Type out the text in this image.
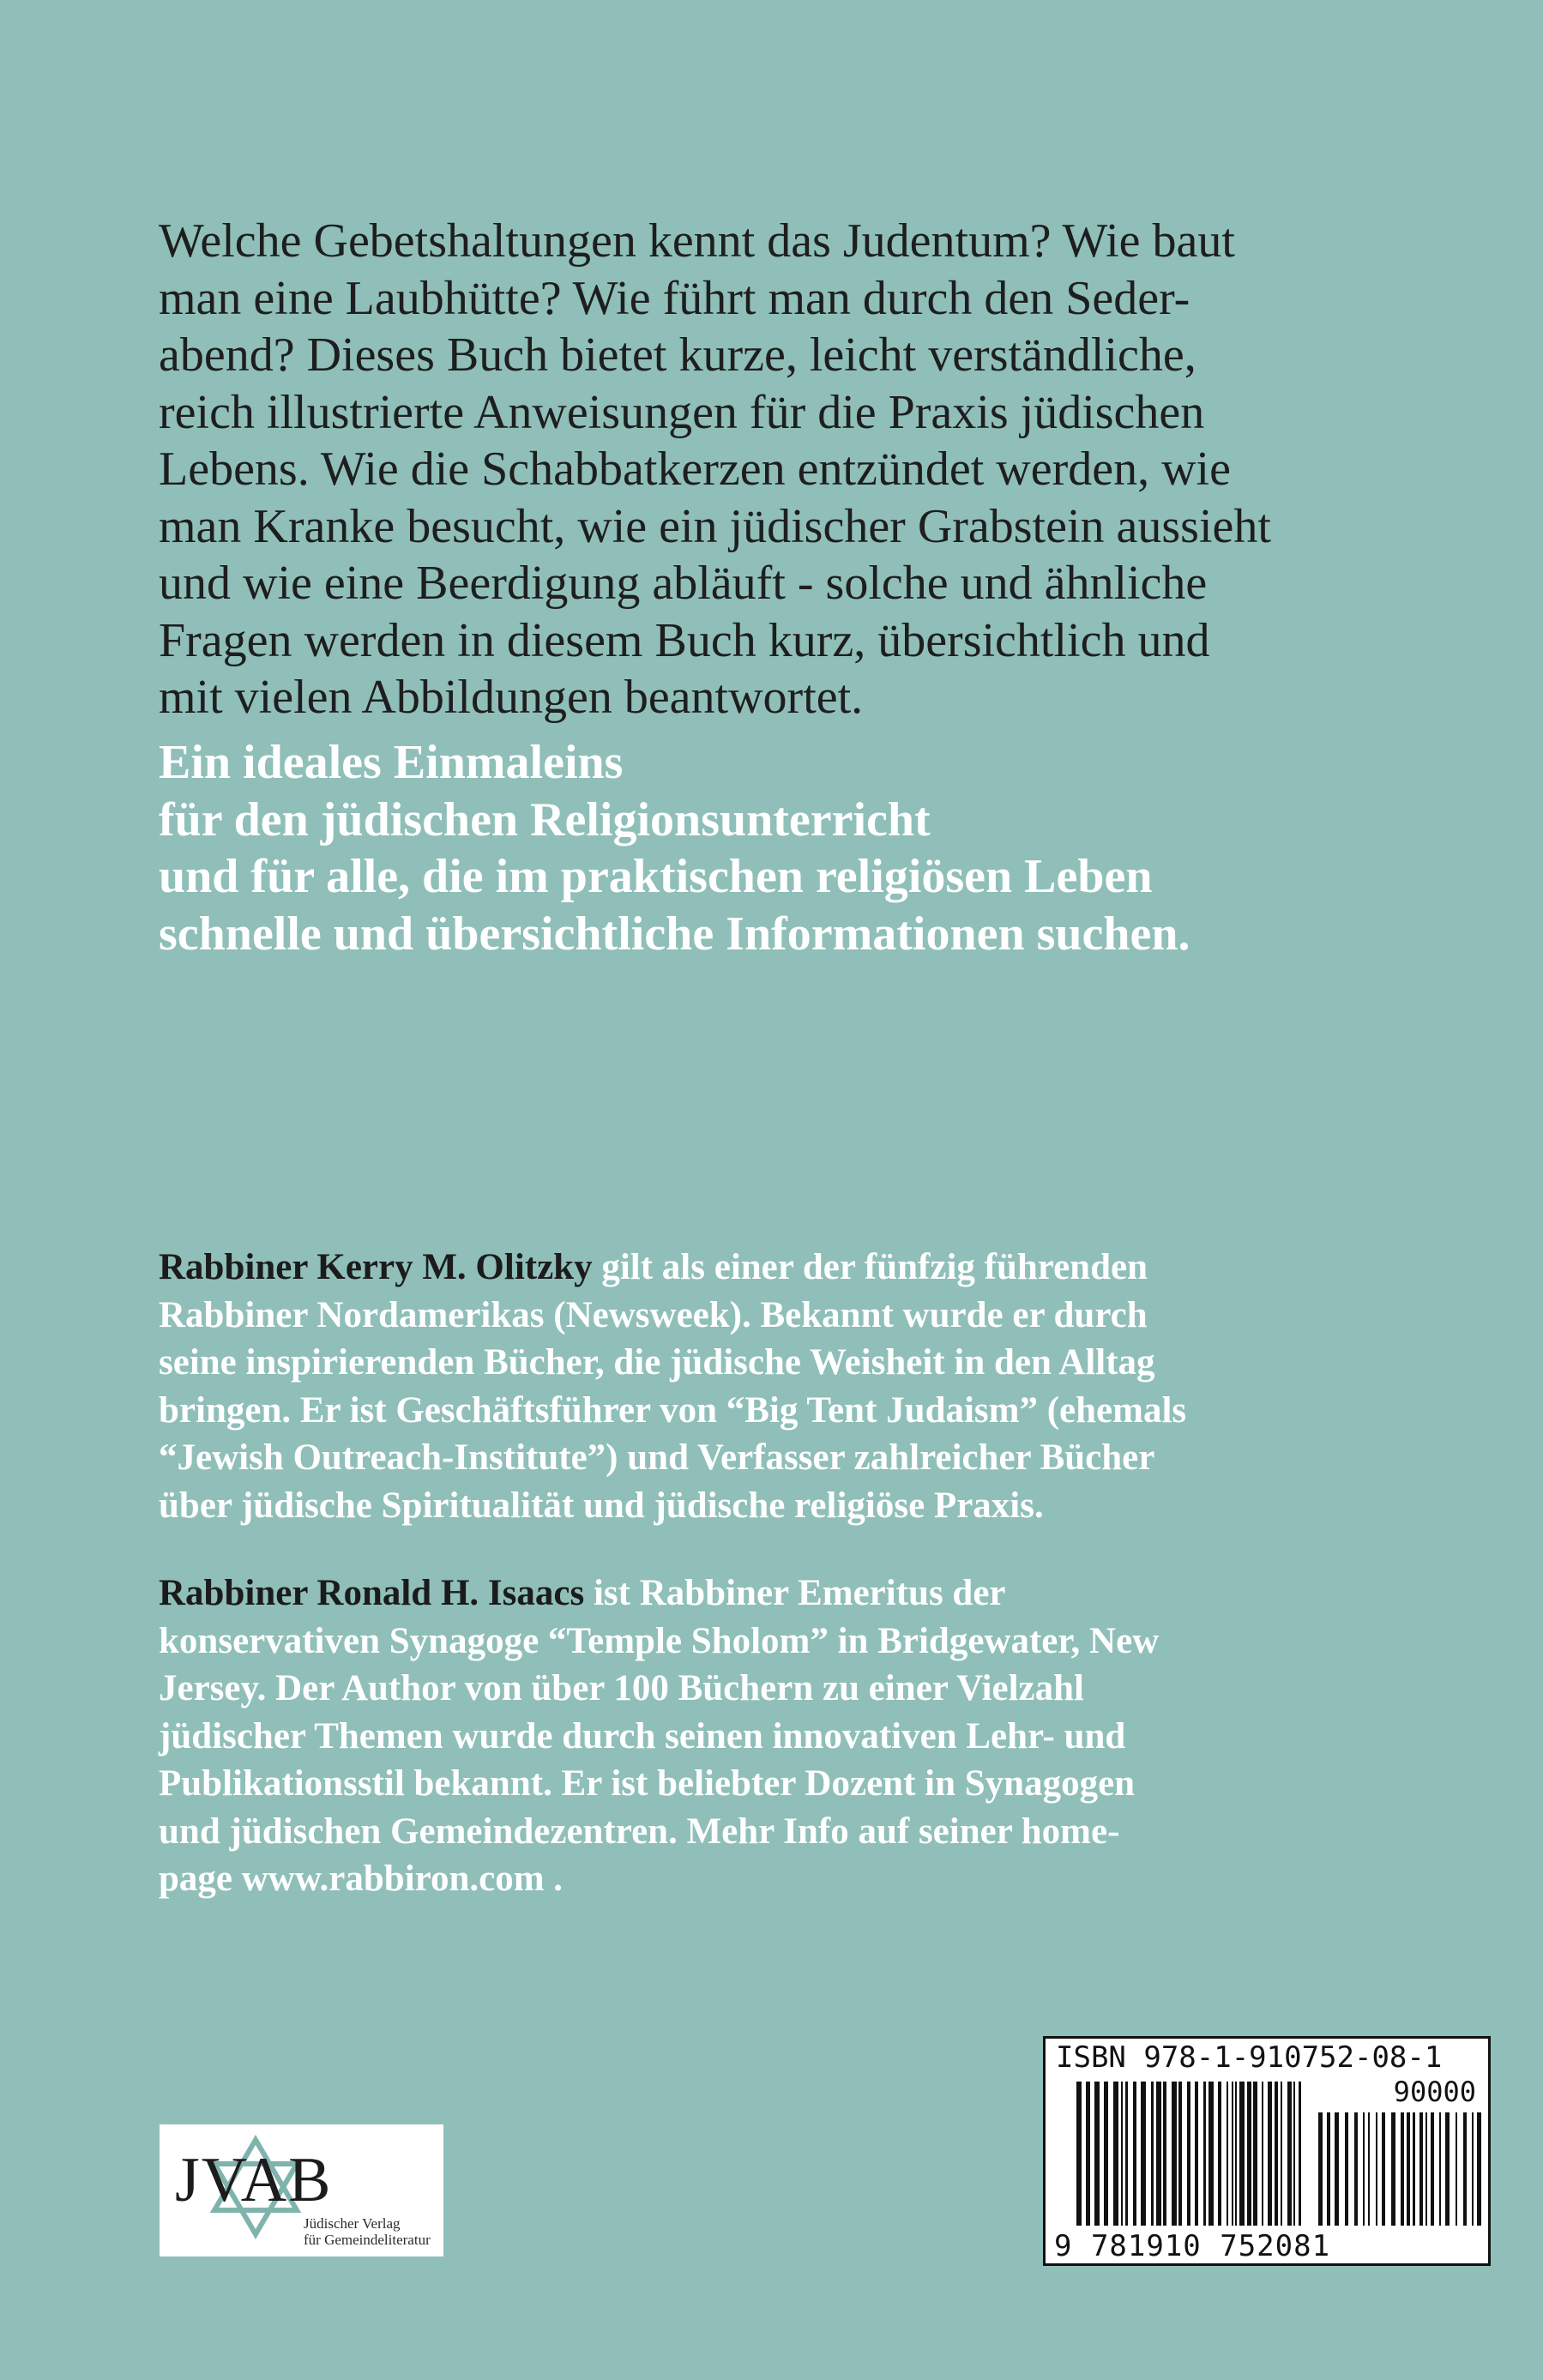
Welche Gebetshaltungen kennt das Judentum? Wie baut
man eine Laubhütte? Wie führt man durch den Seder-
abend? Dieses Buch bietet kurze, leicht verständliche,
reich illustrierte Anweisungen für die Praxis jüdischen
Lebens. Wie die Schabbatkerzen entzündet werden, wie
man Kranke besucht, wie ein jüdischer Grabstein aussieht
und wie eine Beerdigung abläuft - solche und ähnliche
Fragen werden in diesem Buch kurz, übersichtlich und
mit vielen Abbildungen beantwortet.
Ein ideales Einmaleins
für den jüdischen Religionsunterricht
und für alle, die im praktischen religiösen Leben
schnelle und übersichtliche Informationen suchen.
Rabbiner Kerry M. Olitzky gilt als einer der fünfzig führenden
Rabbiner Nordamerikas (Newsweek). Bekannt wurde er durch
seine inspirierenden Bücher, die jüdische Weisheit in den Alltag
bringen. Er ist Geschäftsführer von “Big Tent Judaism” (ehemals
“Jewish Outreach-Institute”) und Verfasser zahlreicher Bücher
über jüdische Spiritualität und jüdische religiöse Praxis.
Rabbiner Ronald H. Isaacs ist Rabbiner Emeritus der
konservativen Synagoge “Temple Sholom” in Bridgewater, New
Jersey. Der Author von über 100 Büchern zu einer Vielzahl
jüdischer Themen wurde durch seinen innovativen Lehr- und
Publikationsstil bekannt. Er ist beliebter Dozent in Synagogen
und jüdischen Gemeindezentren. Mehr Info auf seiner home-
page www.rabbiron.com .
JVAB
Jüdischer Verlag
für Gemeindeliteratur
ISBN 978-1-910752-08-1
90000
9 781910 752081
